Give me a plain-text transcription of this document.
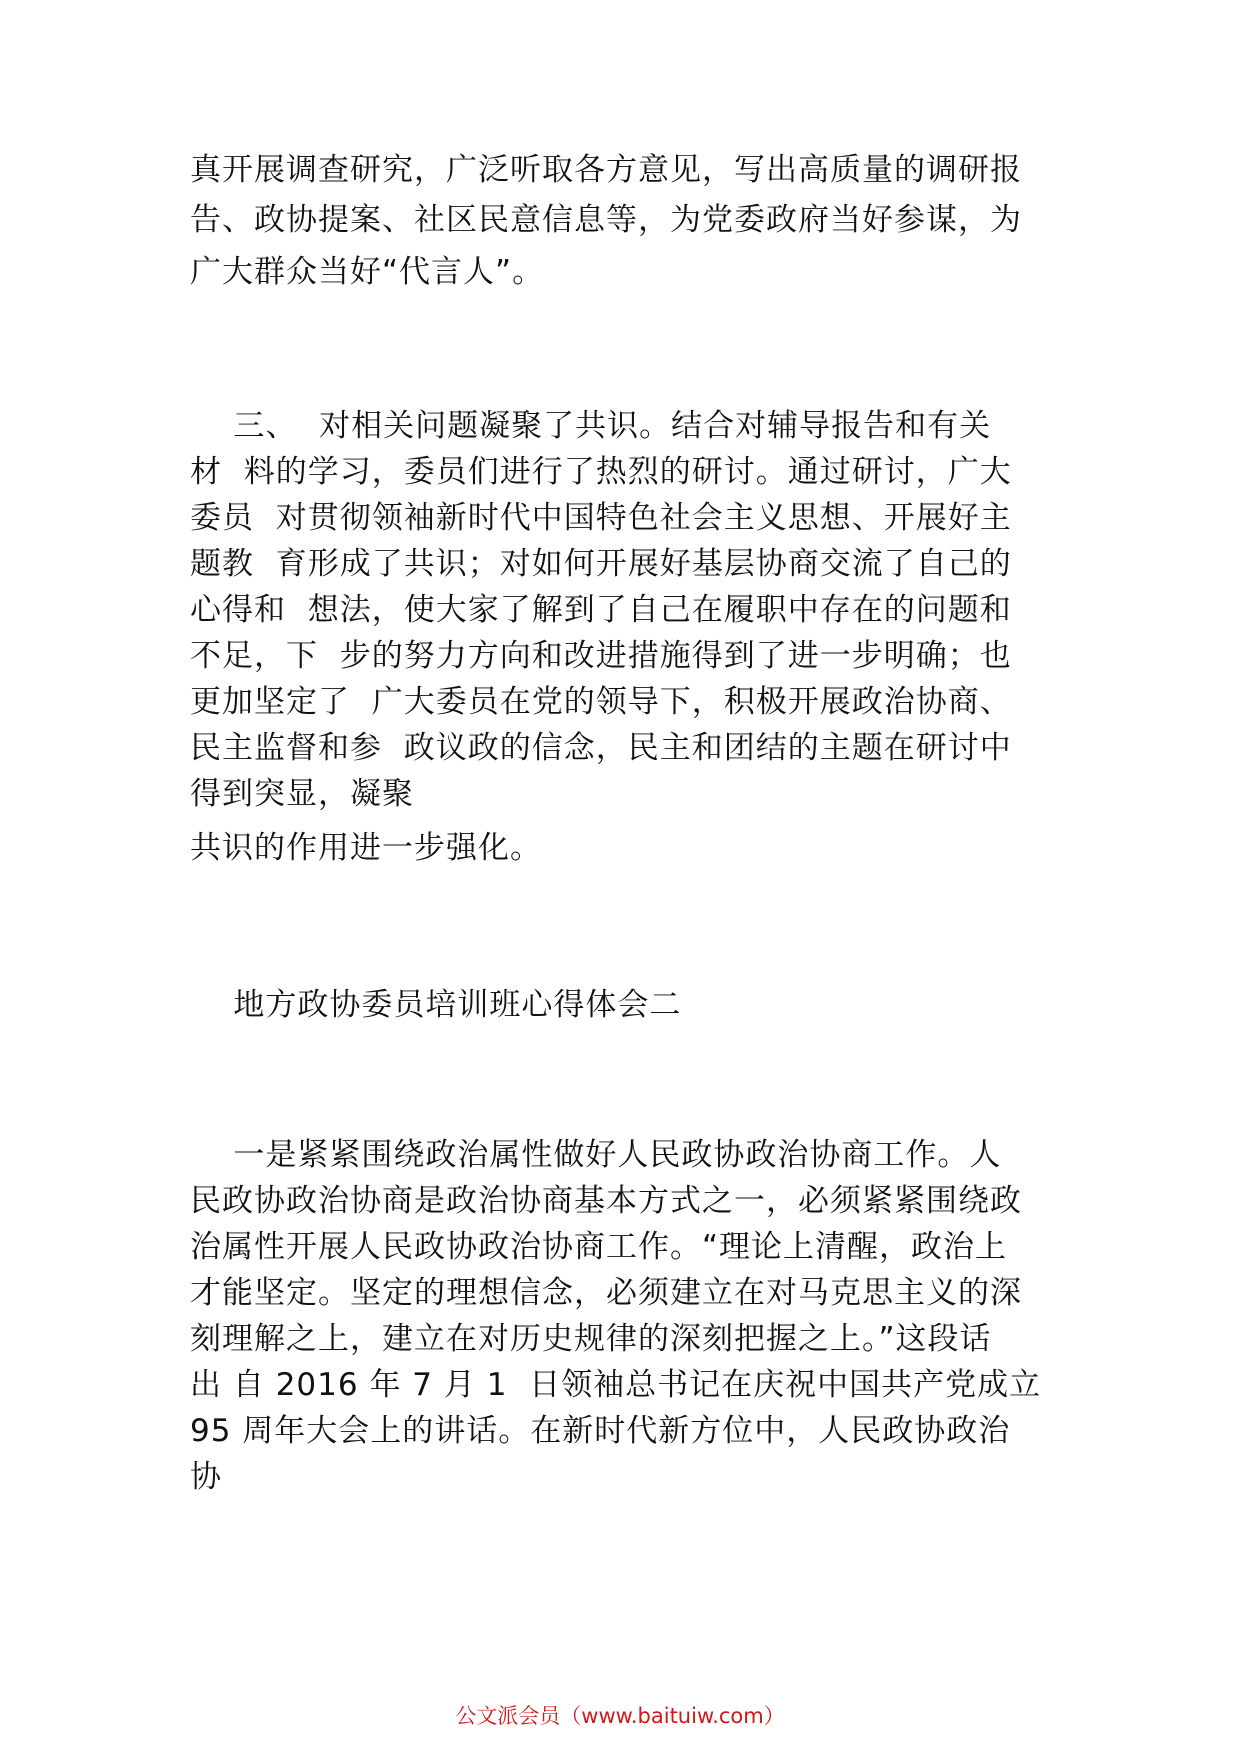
真开展调查研究，广泛听取各方意见，写出高质量的调研报
告、政协提案、社区民意信息等，为党委政府当好参谋，为
广大群众当好“代言人”。
三、  对相关问题凝聚了共识。结合对辅导报告和有关
材  料的学习，委员们进行了热烈的研讨。通过研讨，广大
委员  对贯彻领袖新时代中国特色社会主义思想、开展好主
题教  育形成了共识；对如何开展好基层协商交流了自己的
心得和  想法，使大家了解到了自己在履职中存在的问题和
不足，下  步的努力方向和改进措施得到了进一步明确；也
更加坚定了  广大委员在党的领导下，积极开展政治协商、
民主监督和参  政议政的信念，民主和团结的主题在研讨中
得到突显，凝聚
共识的作用进一步强化。
地方政协委员培训班心得体会二
一是紧紧围绕政治属性做好人民政协政治协商工作。人
民政协政治协商是政治协商基本方式之一，必须紧紧围绕政
治属性开展人民政协政治协商工作。“理论上清醒，政治上
才能坚定。坚定的理想信念，必须建立在对马克思主义的深
刻理解之上，建立在对历史规律的深刻把握之上。”这段话
出 自 2016 年 7 月 1  日领袖总书记在庆祝中国共产党成立
95 周年大会上的讲话。在新时代新方位中，人民政协政治
协
公文派会员（www.baituiw.com）
